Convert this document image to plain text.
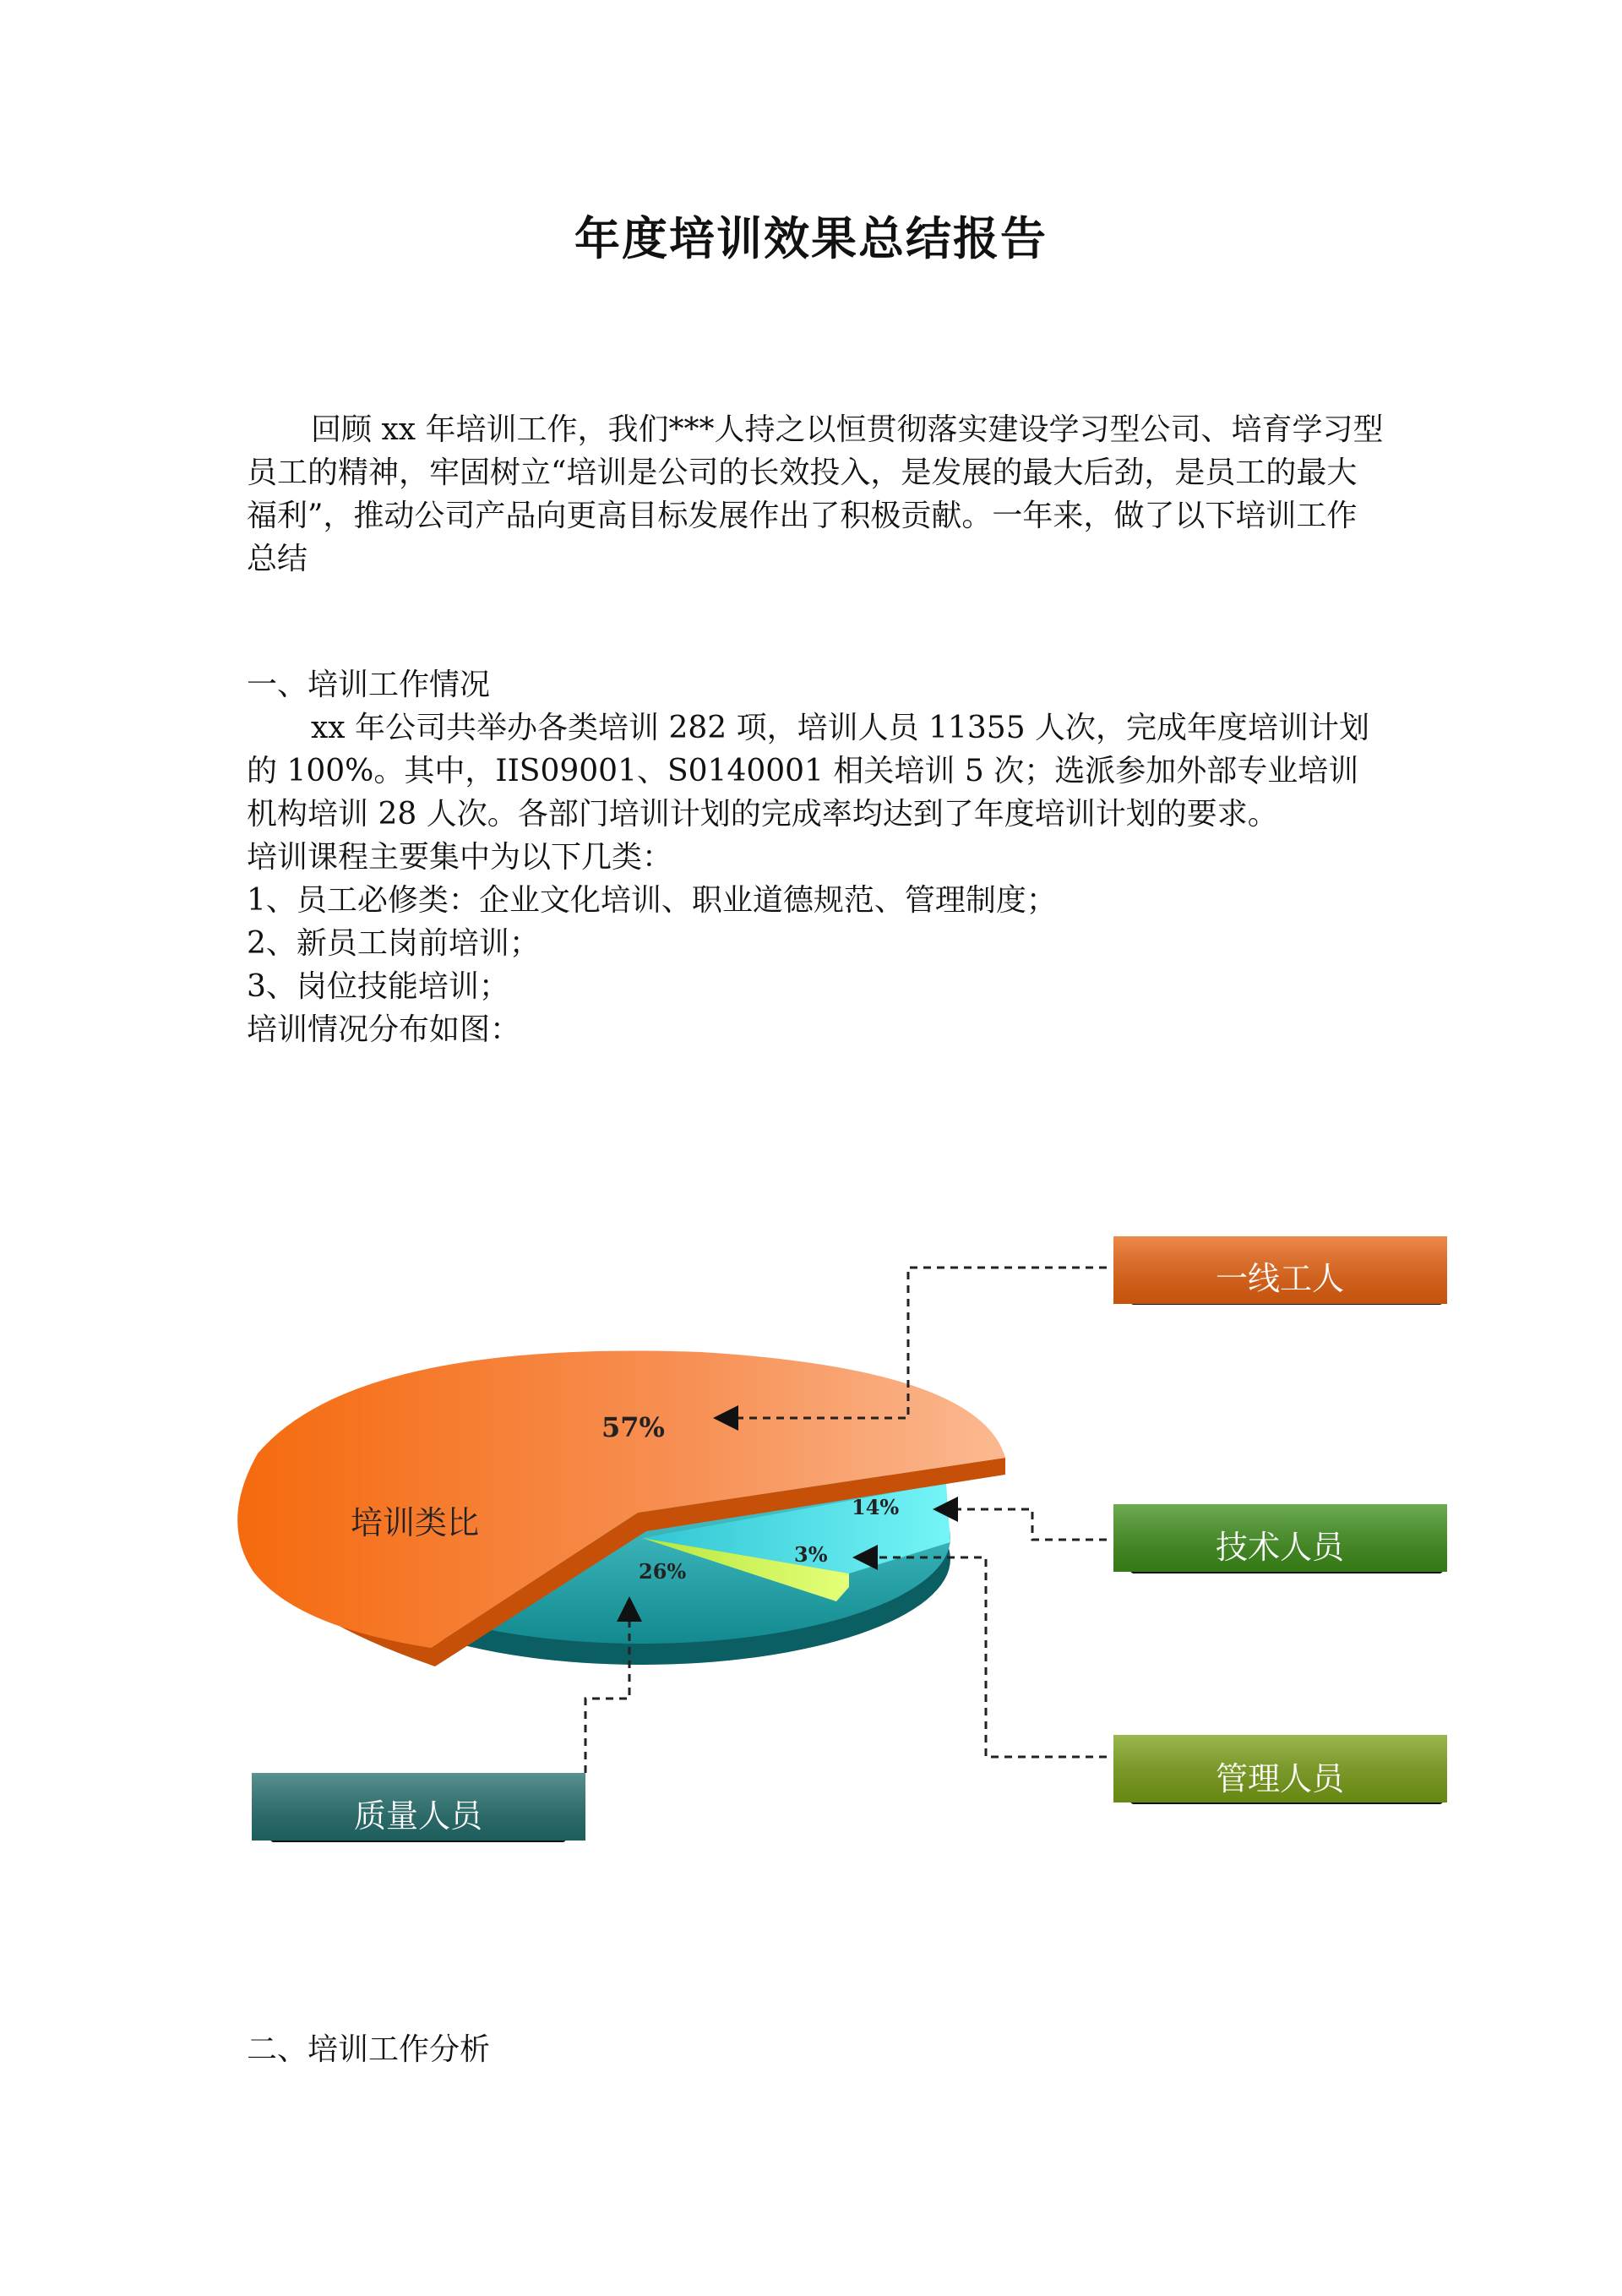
年度培训效果总结报告

回顾 xx 年培训工作，我们***人持之以恒贯彻落实建设学习型公司、培育学习型员工的精神，牢固树立“培训是公司的长效投入，是发展的最大后劲，是员工的最大福利”，推动公司产品向更高目标发展作出了积极贡献。一年来，做了以下培训工作总结

一、培训工作情况

xx 年公司共举办各类培训 282 项，培训人员 11355 人次，完成年度培训计划的 100%。其中，IIS09001、S0140001 相关培训 5 次；选派参加外部专业培训机构培训 28 人次。各部门培训计划的完成率均达到了年度培训计划的要求。

培训课程主要集中为以下几类：

1、员工必修类：企业文化培训、职业道德规范、管理制度；

2、新员工岗前培训；

3、岗位技能培训；

培训情况分布如图：

57%
14%
3%
26%
培训类比
一线工人
技术人员
管理人员
质量人员
二、培训工作分析
